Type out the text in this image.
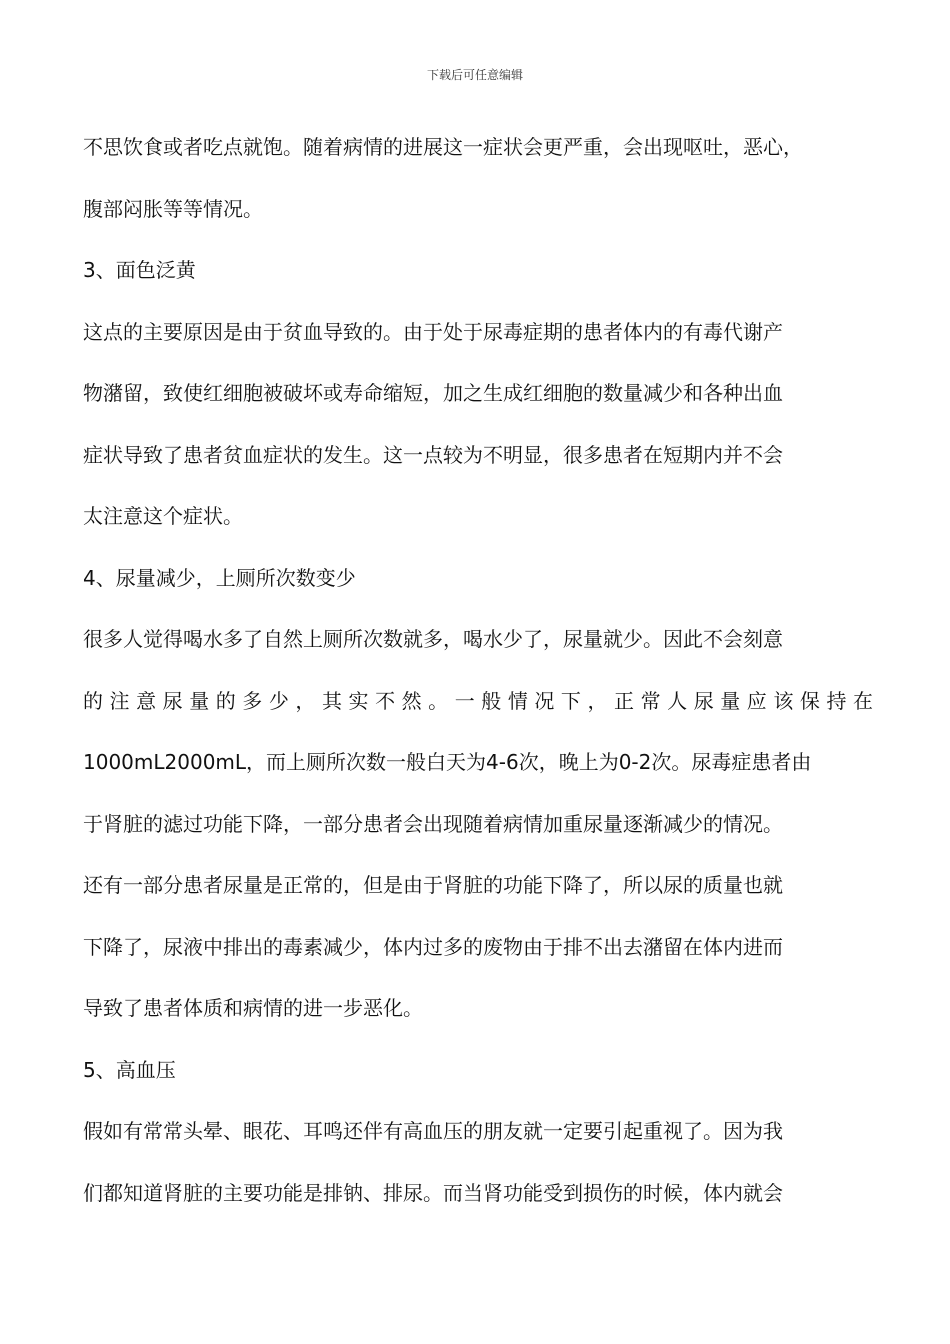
下载后可任意编辑
不思饮食或者吃点就饱。随着病情的进展这一症状会更严重，会出现呕吐，恶心，
腹部闷胀等等情况。
3、面色泛黄
这点的主要原因是由于贫血导致的。由于处于尿毒症期的患者体内的有毒代谢产
物潴留，致使红细胞被破坏或寿命缩短，加之生成红细胞的数量减少和各种出血
症状导致了患者贫血症状的发生。这一点较为不明显，很多患者在短期内并不会
太注意这个症状。
4、尿量减少，上厕所次数变少
很多人觉得喝水多了自然上厕所次数就多，喝水少了，尿量就少。因此不会刻意
的注意尿量的多少，其实不然。一般情况下，正常人尿量应该保持在
1000mL2000mL，而上厕所次数一般白天为4-6次，晚上为0-2次。尿毒症患者由
于肾脏的滤过功能下降，一部分患者会出现随着病情加重尿量逐渐减少的情况。
还有一部分患者尿量是正常的，但是由于肾脏的功能下降了，所以尿的质量也就
下降了，尿液中排出的毒素减少，体内过多的废物由于排不出去潴留在体内进而
导致了患者体质和病情的进一步恶化。
5、高血压
假如有常常头晕、眼花、耳鸣还伴有高血压的朋友就一定要引起重视了。因为我
们都知道肾脏的主要功能是排钠、排尿。而当肾功能受到损伤的时候，体内就会
